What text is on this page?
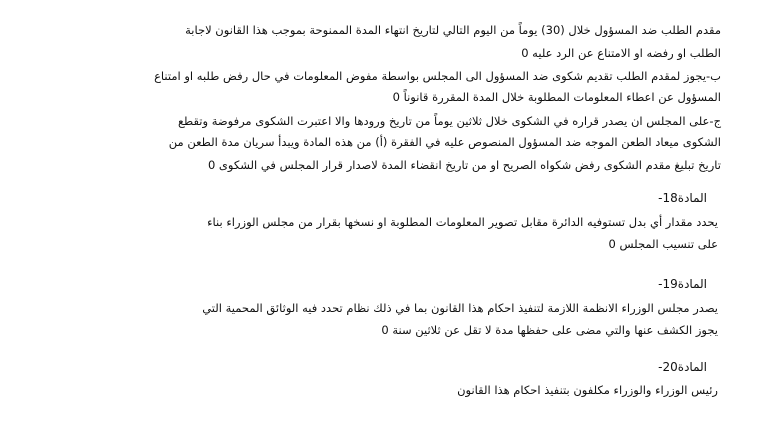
مقدم الطلب ضد المسؤول خلال (30) يوماً من اليوم التالي لتاريخ انتهاء المدة الممنوحة بموجب هذا القانون لاجابة
الطلب او رفضه او الامتناع عن الرد عليه 0
ب-يجوز لمقدم الطلب تقديم شكوى ضد المسؤول الى المجلس بواسطة مفوض المعلومات في حال رفض طلبه او امتناع
المسؤول عن اعطاء المعلومات المطلوبة خلال المدة المقررة قانوناً 0
ج-على المجلس ان يصدر قراره في الشكوى خلال ثلاثين يوماً من تاريخ ورودها والا اعتبرت الشكوى مرفوضة وتقطع
الشكوى ميعاد الطعن الموجه ضد المسؤول المنصوص عليه في الفقرة (أ) من هذه المادة ويبدأ سريان مدة الطعن من
تاريخ تبليغ مقدم الشكوى رفض شكواه الصريح او من تاريخ انقضاء المدة لاصدار قرار المجلس في الشكوى 0
المادة18-
يحدد مقدار أي بدل تستوفيه الدائرة مقابل تصوير المعلومات المطلوبة او نسخها بقرار من مجلس الوزراء بناء
على تنسيب المجلس 0
المادة19-
يصدر مجلس الوزراء الانظمة اللازمة لتنفيذ احكام هذا القانون بما في ذلك نظام تحدد فيه الوثائق المحمية التي
يجوز الكشف عنها والتي مضى على حفظها مدة لا تقل عن ثلاثين سنة 0
المادة20-
رئيس الوزراء والوزراء مكلفون بتنفيذ احكام هذا القانون
